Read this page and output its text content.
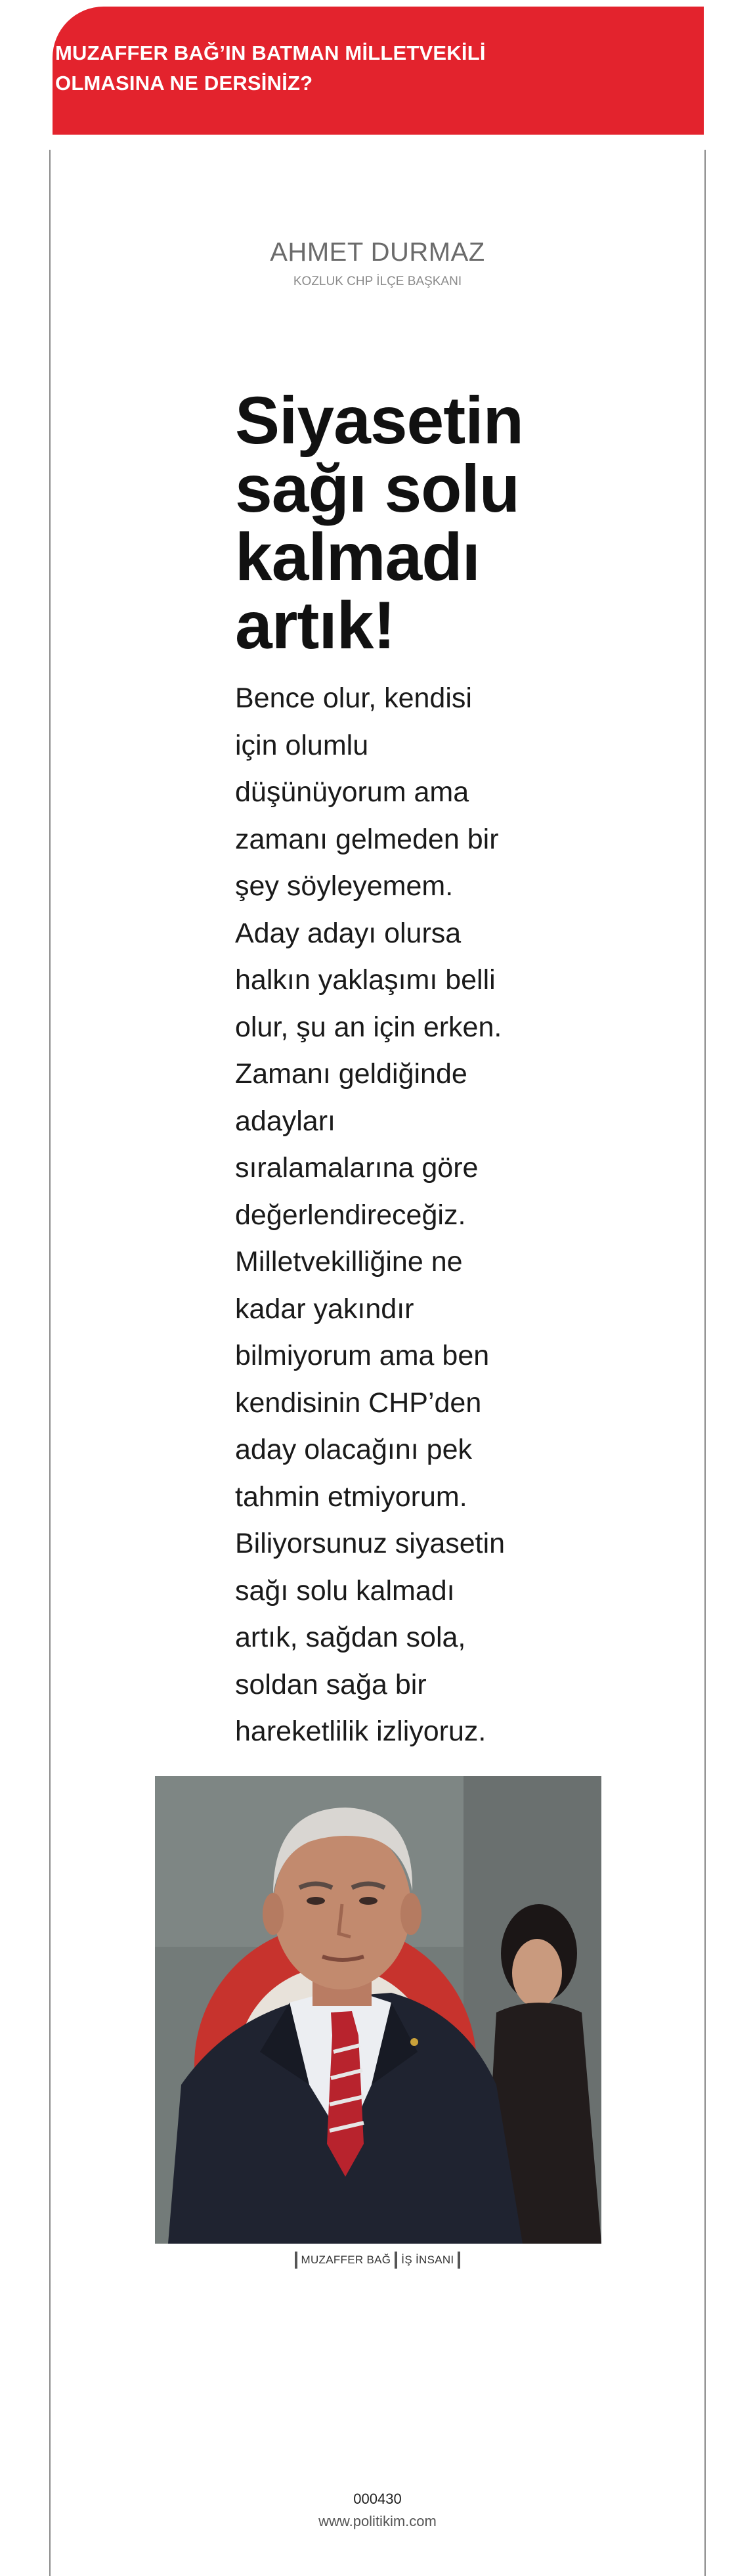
MUZAFFER BAĞ’IN BATMAN MİLLETVEKİLİ OLMASINA NE DERSİNİZ?

AHMET DURMAZ

KOZLUK CHP İLÇE BAŞKANI

Siyasetin sağı solu kalmadı artık!

Bence olur, kendisi için olumlu düşünüyorum ama zamanı gelmeden bir şey söyleyemem. Aday adayı olursa halkın yaklaşımı belli olur, şu an için erken. Zamanı geldiğinde adayları sıralamalarına göre değerlendireceğiz. Milletvekilliğine ne kadar yakındır bilmiyorum ama ben kendisinin CHP’den aday olacağını pek tahmin etmiyorum. Biliyorsunuz siyasetin sağı solu kalmadı artık, sağdan sola, soldan sağa bir hareketlilik izliyoruz.

MUZAFFER BAĞ İŞ İNSANI

000430

www.politikim.com
